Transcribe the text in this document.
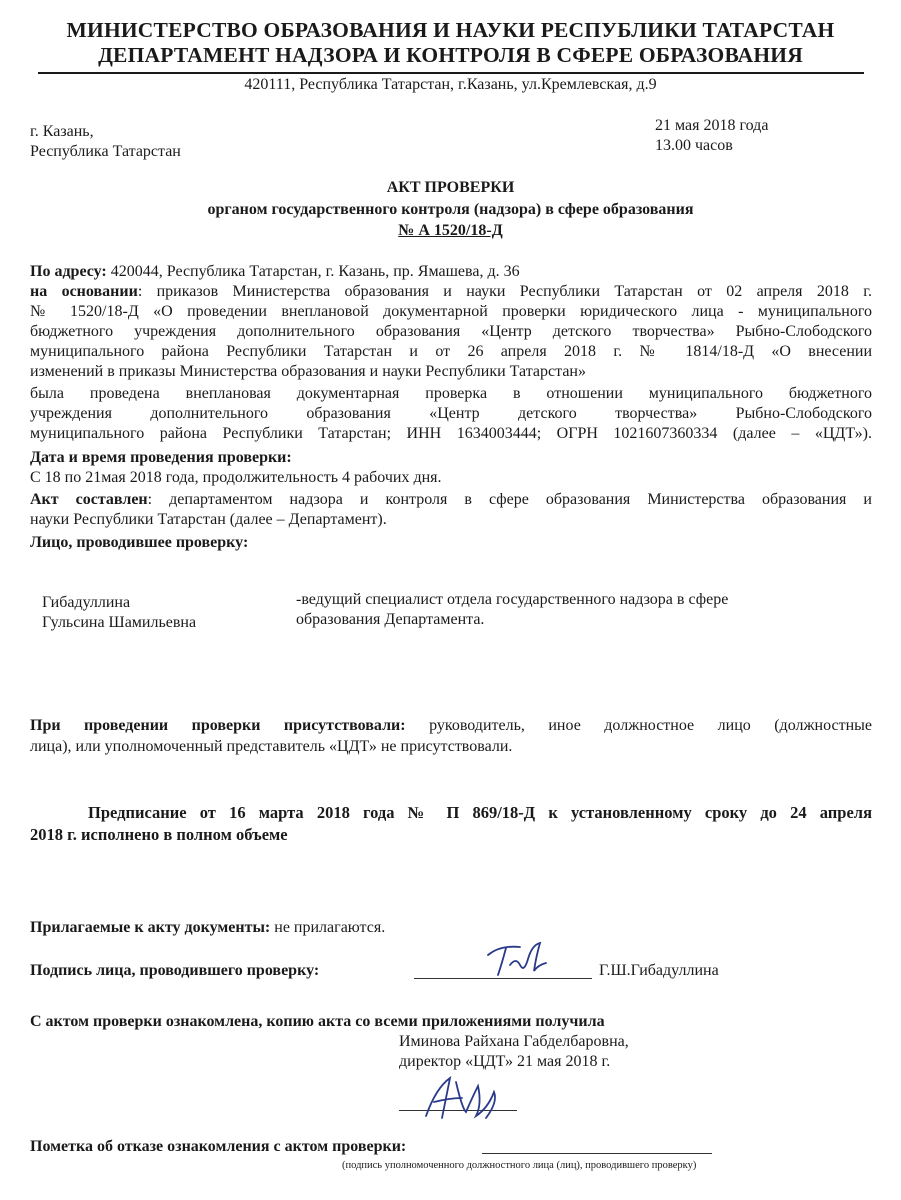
МИНИСТЕРСТВО ОБРАЗОВАНИЯ И НАУКИ РЕСПУБЛИКИ ТАТАРСТАН
ДЕПАРТАМЕНТ НАДЗОРА И КОНТРОЛЯ В СФЕРЕ ОБРАЗОВАНИЯ
420111, Республика Татарстан, г.Казань, ул.Кремлевская, д.9
г. Казань,
Республика Татарстан
21 мая 2018 года
13.00 часов
АКТ ПРОВЕРКИ
органом государственного контроля (надзора) в сфере образования
№ А 1520/18-Д
По адресу: 420044, Республика Татарстан, г. Казань, пр. Ямашева, д. 36
на основании: приказов Министерства образования и науки Республики Татарстан от 02 апреля 2018 г.
№ 1520/18-Д «О проведении внеплановой документарной проверки юридического лица - муниципального
бюджетного учреждения дополнительного образования «Центр детского творчества» Рыбно-Слободского
муниципального района Республики Татарстан и от 26 апреля 2018 г. № 1814/18-Д «О внесении
изменений в приказы Министерства образования и науки Республики Татарстан»
была проведена внеплановая документарная проверка в отношении муниципального бюджетного
учреждения дополнительного образования «Центр детского творчества» Рыбно-Слободского
муниципального района Республики Татарстан; ИНН 1634003444; ОГРН 1021607360334 (далее – «ЦДТ»).
Дата и время проведения проверки:
С 18 по 21мая 2018 года, продолжительность 4 рабочих дня.
Акт составлен: департаментом надзора и контроля в сфере образования Министерства образования и
науки Республики Татарстан (далее – Департамент).
Лицо, проводившее проверку:
Гибадуллина
Гульсина Шамильевна
-ведущий специалист отдела государственного надзора в сфере
образования Департамента.
При проведении проверки присутствовали: руководитель, иное должностное лицо (должностные
лица), или уполномоченный представитель «ЦДТ» не присутствовали.
Предписание от 16 марта 2018 года № П 869/18-Д к установленному сроку до 24 апреля
2018 г. исполнено в полном объеме
Прилагаемые к акту документы: не прилагаются.
Подпись лица, проводившего проверку:	Г.Ш.Гибадуллина
С актом проверки ознакомлена, копию акта со всеми приложениями получила
Иминова Райхана Габделбаровна,
директор «ЦДТ» 21 мая 2018 г.
Пометка об отказе ознакомления с актом проверки:
(подпись уполномоченного должностного лица (лиц), проводившего проверку)
